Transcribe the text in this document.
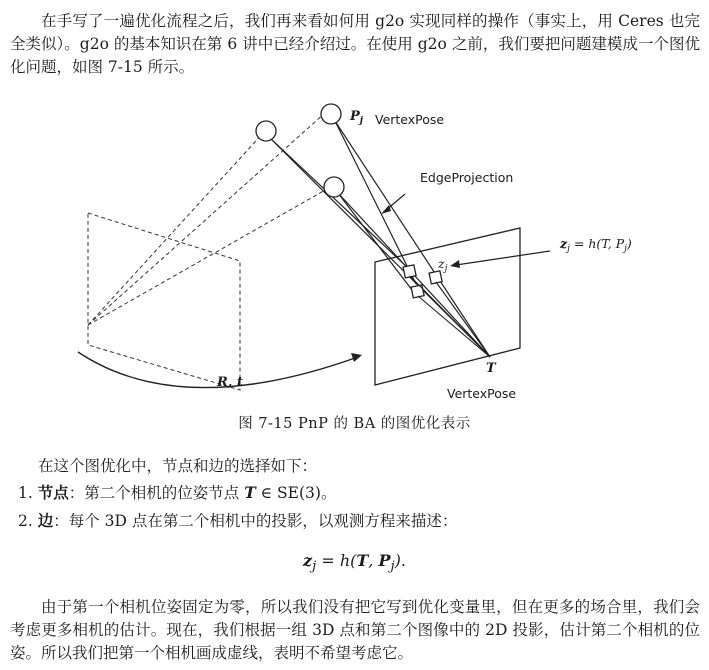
在手写了一遍优化流程之后，我们再来看如何用 g2o 实现同样的操作（事实上，用 Ceres 也完全类似）。g2o 的基本知识在第 6 讲中已经介绍过。在使用 g2o 之前，我们要把问题建模成一个图优化问题，如图 7-15 所示。

$P_j$ VertexPose
EdgeProjection
$z_j = h(T$, $P_j$)
$z_j$
T
R, t
VertexPose
图 7-15 PnP 的 BA 的图优化表示
在这个图优化中，节点和边的选择如下：
1. 节点：第二个相机的位姿节点 T ∈ SE(3)。
2. 边：每个 3D 点在第二个相机中的投影，以观测方程来描述：
$z_j = h(T$, $P_j$).

由于第一个相机位姿固定为零，所以我们没有把它写到优化变量里，但在更多的场合里，我们会考虑更多相机的估计。现在，我们根据一组 3D 点和第二个图像中的 2D 投影，估计第二个相机的位姿。所以我们把第一个相机画成虚线，表明不希望考虑它。
